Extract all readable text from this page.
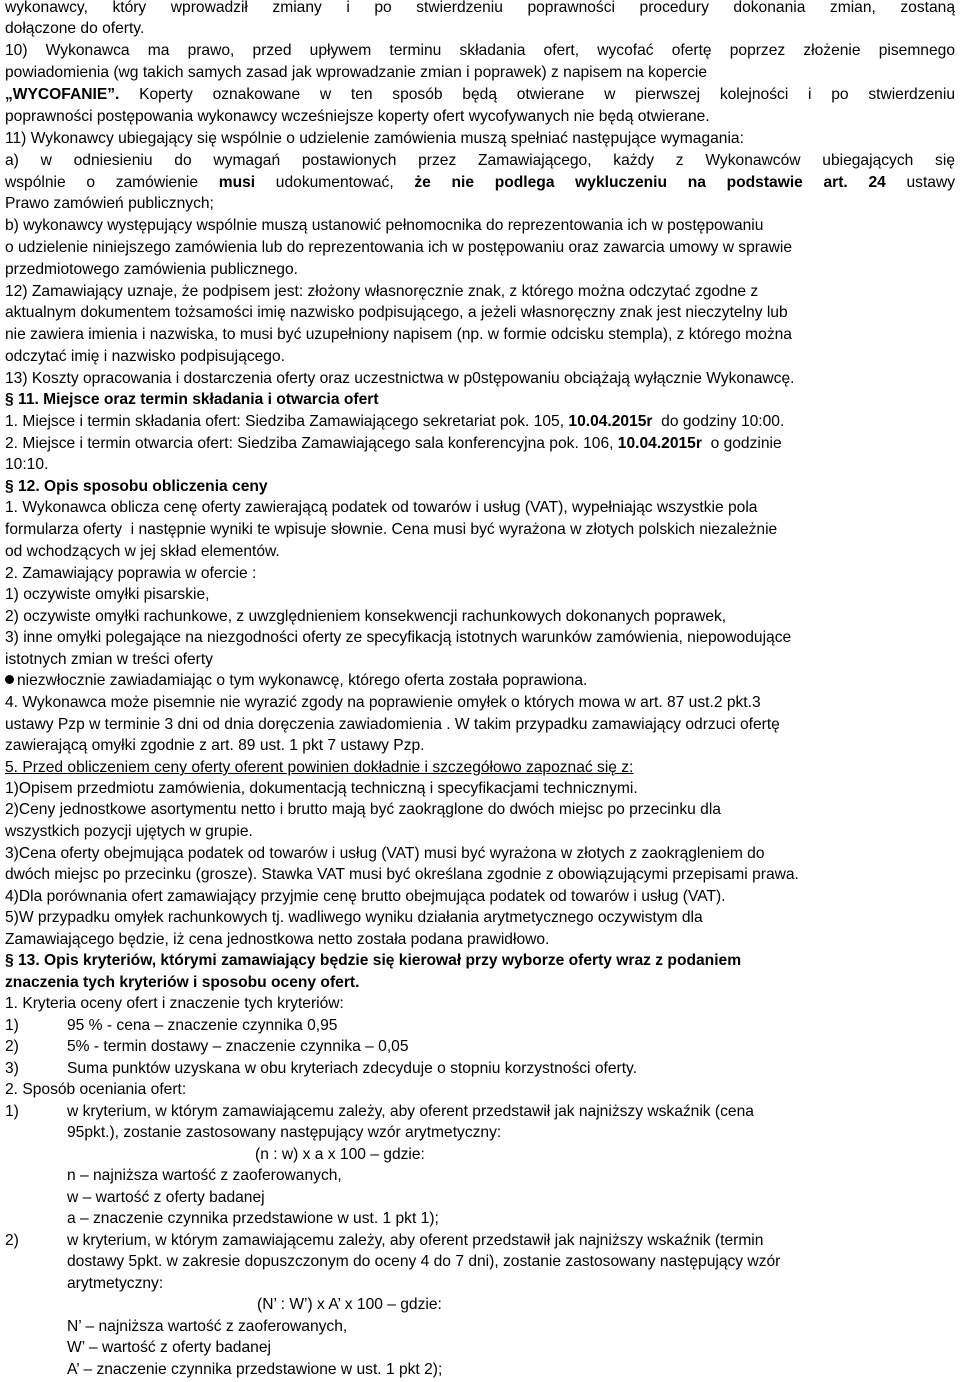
wykonawcy, który wprowadził zmiany i po stwierdzeniu poprawności procedury dokonania zmian, zostaną
dołączone do oferty.
10) Wykonawca ma prawo, przed upływem terminu składania ofert, wycofać ofertę poprzez złożenie pisemnego
powiadomienia (wg takich samych zasad jak wprowadzanie zmian i poprawek) z napisem na kopercie
„WYCOFANIE”. Koperty oznakowane w ten sposób będą otwierane w pierwszej kolejności i po stwierdzeniu
poprawności postępowania wykonawcy wcześniejsze koperty ofert wycofywanych nie będą otwierane.
11) Wykonawcy ubiegający się wspólnie o udzielenie zamówienia muszą spełniać następujące wymagania:
a) w odniesieniu do wymagań postawionych przez Zamawiającego, każdy z Wykonawców ubiegających się
wspólnie o zamówienie musi udokumentować, że nie podlega wykluczeniu na podstawie art. 24 ustawy
Prawo zamówień publicznych;
b) wykonawcy występujący wspólnie muszą ustanowić pełnomocnika do reprezentowania ich w postępowaniu
o udzielenie niniejszego zamówienia lub do reprezentowania ich w postępowaniu oraz zawarcia umowy w sprawie
przedmiotowego zamówienia publicznego.
12) Zamawiający uznaje, że podpisem jest: złożony własnoręcznie znak, z którego można odczytać zgodne z
aktualnym dokumentem tożsamości imię nazwisko podpisującego, a jeżeli własnoręczny znak jest nieczytelny lub
nie zawiera imienia i nazwiska, to musi być uzupełniony napisem (np. w formie odcisku stempla), z którego można
odczytać imię i nazwisko podpisującego.
13) Koszty opracowania i dostarczenia oferty oraz uczestnictwa w p0stępowaniu obciążają wyłącznie Wykonawcę.
§ 11. Miejsce oraz termin składania i otwarcia ofert
1. Miejsce i termin składania ofert: Siedziba Zamawiającego sekretariat pok. 105, 10.04.2015r  do godziny 10:00.
2. Miejsce i termin otwarcia ofert: Siedziba Zamawiającego sala konferencyjna pok. 106, 10.04.2015r  o godzinie
10:10.
§ 12. Opis sposobu obliczenia ceny
1. Wykonawca oblicza cenę oferty zawierającą podatek od towarów i usług (VAT), wypełniając wszystkie pola
formularza oferty  i następnie wyniki te wpisuje słownie. Cena musi być wyrażona w złotych polskich niezależnie
od wchodzących w jej skład elementów.
2. Zamawiający poprawia w ofercie :
1) oczywiste omyłki pisarskie,
2) oczywiste omyłki rachunkowe, z uwzględnieniem konsekwencji rachunkowych dokonanych poprawek,
3) inne omyłki polegające na niezgodności oferty ze specyfikacją istotnych warunków zamówienia, niepowodujące
istotnych zmian w treści oferty
niezwłocznie zawiadamiając o tym wykonawcę, którego oferta została poprawiona.
4. Wykonawca może pisemnie nie wyrazić zgody na poprawienie omyłek o których mowa w art. 87 ust.2 pkt.3
ustawy Pzp w terminie 3 dni od dnia doręczenia zawiadomienia . W takim przypadku zamawiający odrzuci ofertę
zawierającą omyłki zgodnie z art. 89 ust. 1 pkt 7 ustawy Pzp.
5. Przed obliczeniem ceny oferty oferent powinien dokładnie i szczegółowo zapoznać się z:
1)Opisem przedmiotu zamówienia, dokumentacją techniczną i specyfikacjami technicznymi.
2)Ceny jednostkowe asortymentu netto i brutto mają być zaokrąglone do dwóch miejsc po przecinku dla
wszystkich pozycji ujętych w grupie.
3)Cena oferty obejmująca podatek od towarów i usług (VAT) musi być wyrażona w złotych z zaokrągleniem do
dwóch miejsc po przecinku (grosze). Stawka VAT musi być określana zgodnie z obowiązującymi przepisami prawa.
4)Dla porównania ofert zamawiający przyjmie cenę brutto obejmująca podatek od towarów i usług (VAT).
5)W przypadku omyłek rachunkowych tj. wadliwego wyniku działania arytmetycznego oczywistym dla
Zamawiającego będzie, iż cena jednostkowa netto została podana prawidłowo.
§ 13. Opis kryteriów, którymi zamawiający będzie się kierował przy wyborze oferty wraz z podaniem
znaczenia tych kryteriów i sposobu oceny ofert.
1. Kryteria oceny ofert i znaczenie tych kryteriów:
1)	95 % - cena – znaczenie czynnika 0,95
2)	5% - termin dostawy – znaczenie czynnika – 0,05
3)	Suma punktów uzyskana w obu kryteriach zdecyduje o stopniu korzystności oferty.
2. Sposób oceniania ofert:
1)	w kryterium, w którym zamawiającemu zależy, aby oferent przedstawił jak najniższy wskaźnik (cena
95pkt.), zostanie zastosowany następujący wzór arytmetyczny:
(n : w) x a x 100 – gdzie:
n – najniższa wartość z zaoferowanych,
w – wartość z oferty badanej
a – znaczenie czynnika przedstawione w ust. 1 pkt 1);
2)	w kryterium, w którym zamawiającemu zależy, aby oferent przedstawił jak najniższy wskaźnik (termin
dostawy 5pkt. w zakresie dopuszczonym do oceny 4 do 7 dni), zostanie zastosowany następujący wzór
arytmetyczny:
(N’ : W’) x A’ x 100 – gdzie:
N’ – najniższa wartość z zaoferowanych,
W’ – wartość z oferty badanej
A’ – znaczenie czynnika przedstawione w ust. 1 pkt 2);
